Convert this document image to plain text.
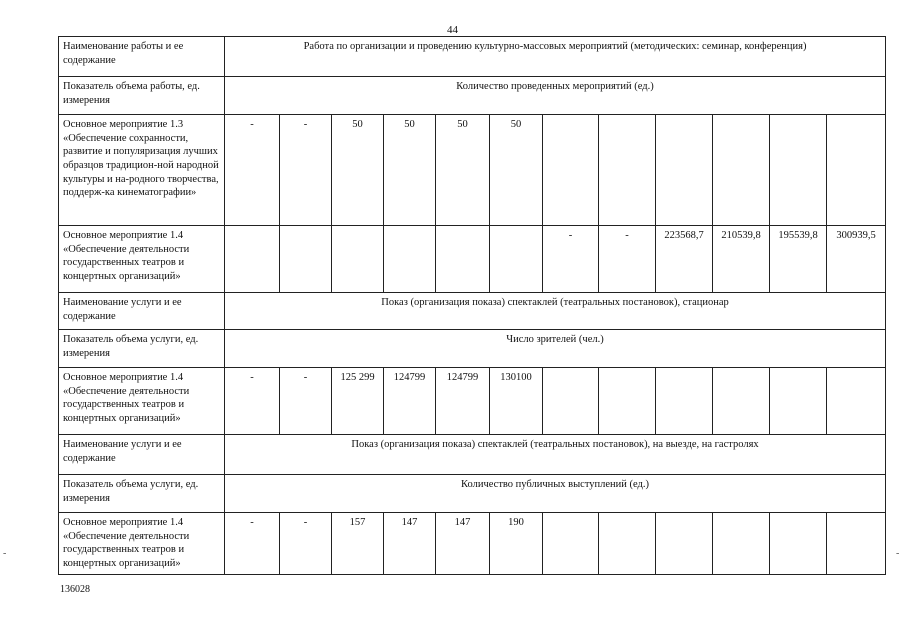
44
Наименование работы и ее содержание	Работа по организации и проведению культурно-массовых мероприятий (методических: семинар, конференция)											
Показатель объема работы, ед. измерения	Количество проведенных мероприятий (ед.)											
Основное мероприятие 1.3 «Обеспечение сохранности, развитие и популяризация лучших образцов традицион-ной народной культуры и на-родного творчества, поддерж-ка кинематографии»	-	-	50	50	50	50						
Основное мероприятие 1.4 «Обеспечение деятельности государственных театров и концертных организаций»							-	-	223568,7	210539,8	195539,8	300939,5
Наименование услуги и ее содержание	Показ (организация показа) спектаклей (театральных постановок), стационар											
Показатель объема услуги, ед. измерения	Число зрителей (чел.)											
Основное мероприятие 1.4 «Обеспечение деятельности государственных театров и концертных организаций»	-	-	125 299	124799	124799	130100						
Наименование услуги и ее содержание	Показ (организация показа) спектаклей (театральных постановок), на выезде, на гастролях											
Показатель объема услуги, ед. измерения	Количество публичных выступлений (ед.)											
Основное мероприятие 1.4 «Обеспечение деятельности государственных театров и концертных организаций»	-	-	157	147	147	190						
136028
-	-
